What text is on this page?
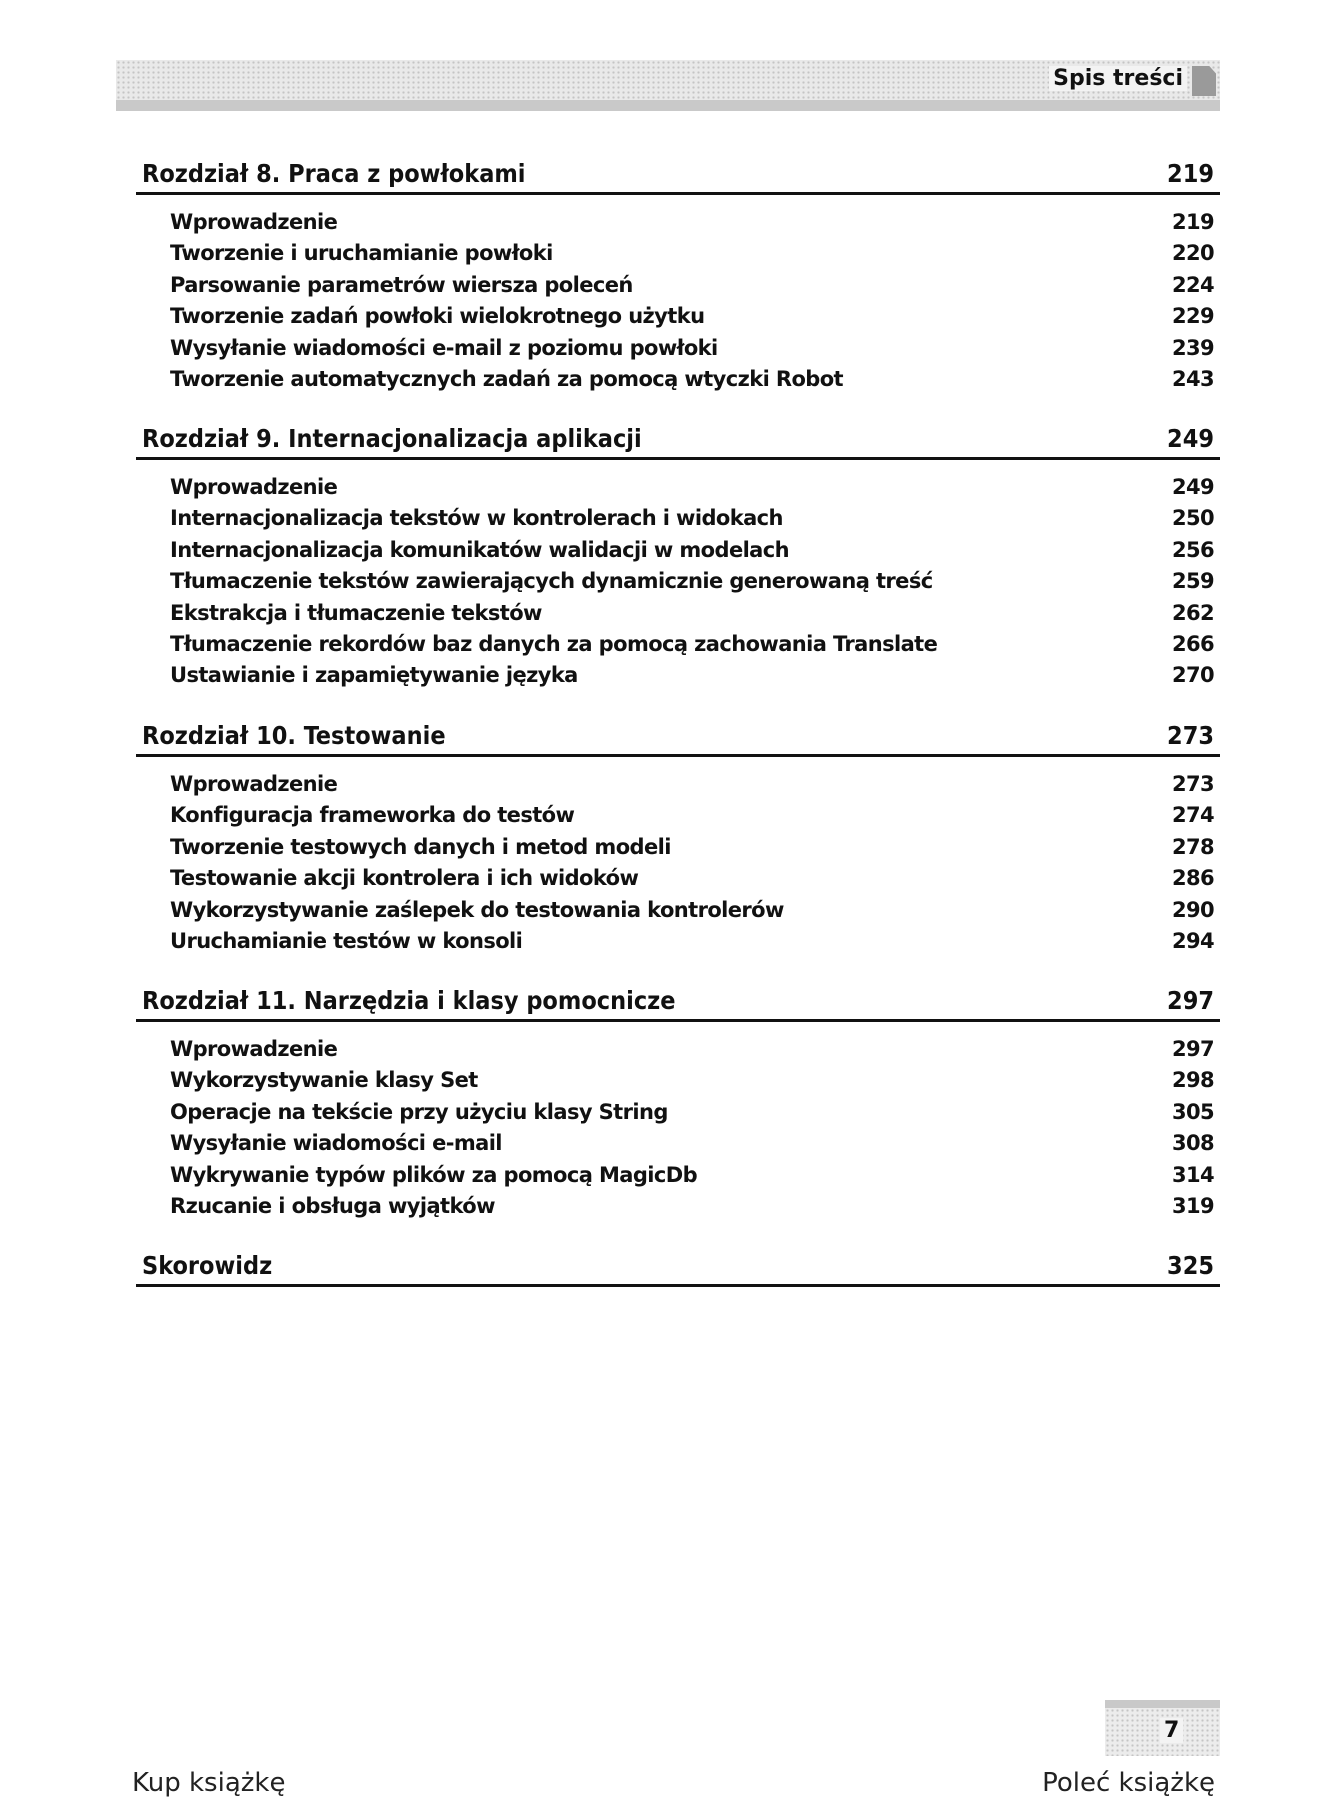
Spis treści
Rozdział 8. Praca z powłokami	219
Wprowadzenie	219
Tworzenie i uruchamianie powłoki	220
Parsowanie parametrów wiersza poleceń	224
Tworzenie zadań powłoki wielokrotnego użytku	229
Wysyłanie wiadomości e-mail z poziomu powłoki	239
Tworzenie automatycznych zadań za pomocą wtyczki Robot	243
Rozdział 9. Internacjonalizacja aplikacji	249
Wprowadzenie	249
Internacjonalizacja tekstów w kontrolerach i widokach	250
Internacjonalizacja komunikatów walidacji w modelach	256
Tłumaczenie tekstów zawierających dynamicznie generowaną treść	259
Ekstrakcja i tłumaczenie tekstów	262
Tłumaczenie rekordów baz danych za pomocą zachowania Translate	266
Ustawianie i zapamiętywanie języka	270
Rozdział 10. Testowanie	273
Wprowadzenie	273
Konfiguracja frameworka do testów	274
Tworzenie testowych danych i metod modeli	278
Testowanie akcji kontrolera i ich widoków	286
Wykorzystywanie zaślepek do testowania kontrolerów	290
Uruchamianie testów w konsoli	294
Rozdział 11. Narzędzia i klasy pomocnicze	297
Wprowadzenie	297
Wykorzystywanie klasy Set	298
Operacje na tekście przy użyciu klasy String	305
Wysyłanie wiadomości e-mail	308
Wykrywanie typów plików za pomocą MagicDb	314
Rzucanie i obsługa wyjątków	319
Skorowidz	325
7
Kup książkę	Poleć książkę
